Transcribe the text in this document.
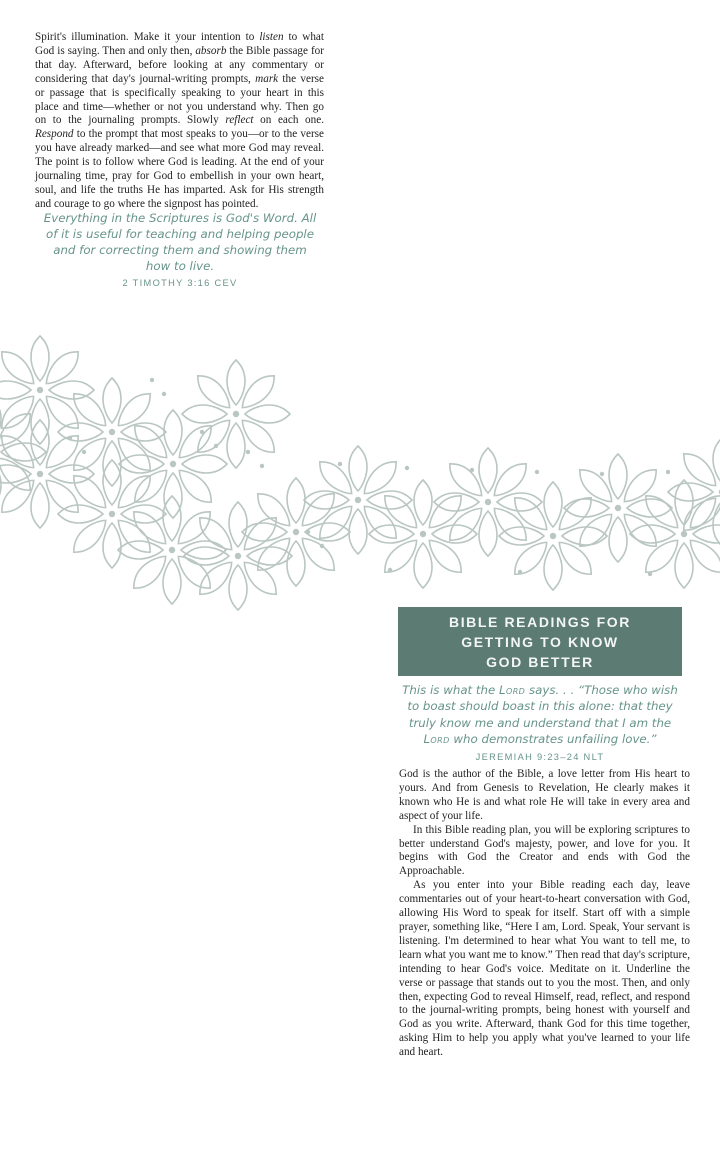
Spirit's illumination. Make it your intention to listen to what God is saying. Then and only then, absorb the Bible passage for that day. Afterward, before looking at any commentary or considering that day's journal-writing prompts, mark the verse or passage that is specifically speaking to your heart in this place and time—whether or not you understand why. Then go on to the journaling prompts. Slowly reflect on each one. Respond to the prompt that most speaks to you—or to the verse you have already marked—and see what more God may reveal. The point is to follow where God is leading. At the end of your journaling time, pray for God to embellish in your own heart, soul, and life the truths He has imparted. Ask for His strength and courage to go where the signpost has pointed.

Everything in the Scriptures is God's Word. All of it is useful for teaching and helping people and for correcting them and showing them how to live.
2 TIMOTHY 3:16 CEV
BIBLE READINGS FOR
GETTING TO KNOW
GOD BETTER
This is what the Lord says. . . “Those who wish to boast should boast in this alone: that they truly know me and understand that I am the Lord who demonstrates unfailing love.”
JEREMIAH 9:23–24 NLT
God is the author of the Bible, a love letter from His heart to yours. And from Genesis to Revelation, He clearly makes it known who He is and what role He will take in every area and aspect of your life.
In this Bible reading plan, you will be exploring scriptures to better understand God's majesty, power, and love for you. It begins with God the Creator and ends with God the Approachable.
As you enter into your Bible reading each day, leave commentaries out of your heart-to-heart conversation with God, allowing His Word to speak for itself. Start off with a simple prayer, something like, “Here I am, Lord. Speak, Your servant is listening. I'm determined to hear what You want to tell me, to learn what you want me to know.” Then read that day's scripture, intending to hear God's voice. Meditate on it. Underline the verse or passage that stands out to you the most. Then, and only then, expecting God to reveal Himself, read, reflect, and respond to the journal-writing prompts, being honest with yourself and God as you write. Afterward, thank God for this time together, asking Him to help you apply what you've learned to your life and heart.
